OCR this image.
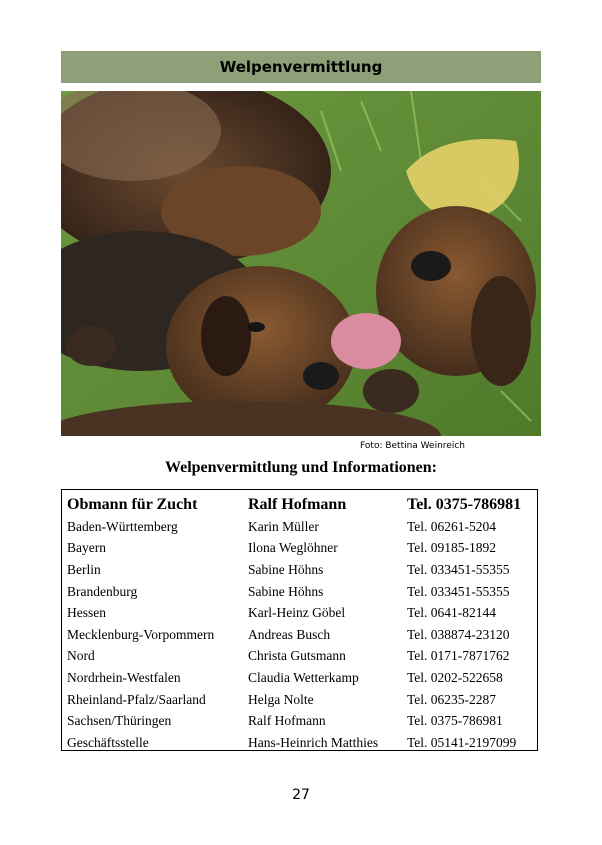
Welpenvermittlung
Foto: Bettina Weinreich
Welpenvermittlung und Informationen:
Obmann für Zucht	Ralf Hofmann	Tel. 0375-786981
Baden-Württemberg	Karin Müller	Tel. 06261-5204
Bayern	Ilona Weglöhner	Tel. 09185-1892
Berlin	Sabine Höhns	Tel. 033451-55355
Brandenburg	Sabine Höhns	Tel. 033451-55355
Hessen	Karl-Heinz Göbel	Tel. 0641-82144
Mecklenburg-Vorpommern	Andreas Busch	Tel. 038874-23120
Nord	Christa Gutsmann	Tel. 0171-7871762
Nordrhein-Westfalen	Claudia Wetterkamp	Tel. 0202-522658
Rheinland-Pfalz/Saarland	Helga Nolte	Tel. 06235-2287
Sachsen/Thüringen	Ralf Hofmann	Tel. 0375-786981
Geschäftsstelle	Hans-Heinrich Matthies	Tel. 05141-2197099
27
